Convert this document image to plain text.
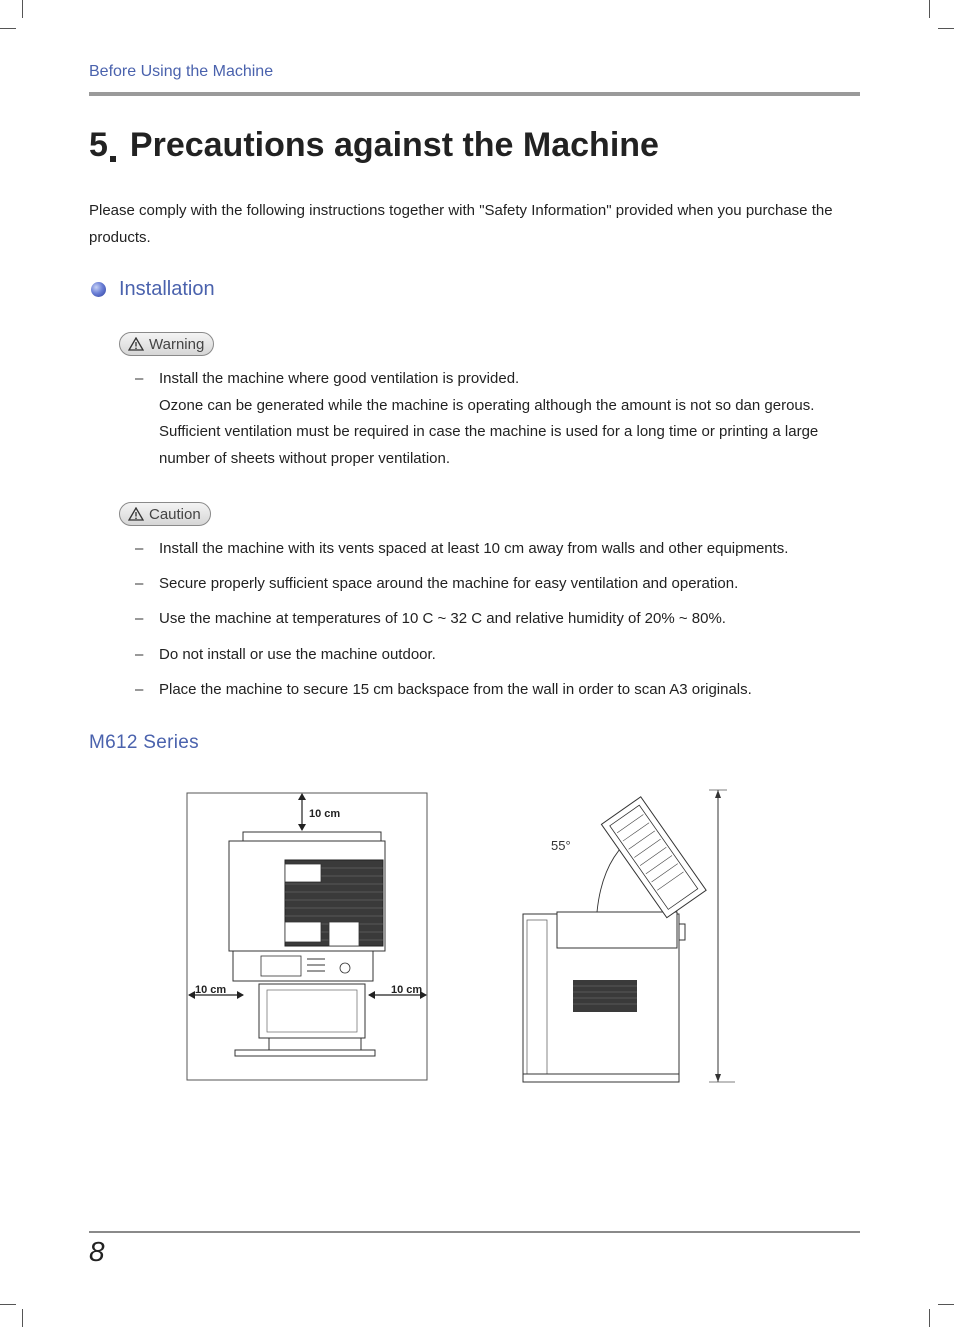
Before Using the Machine
5 Precautions against the Machine
Please comply with the following instructions together with "Safety Information" provided when you purchase the products.
Installation
Warning
– Install the machine where good ventilation is provided.
Ozone can be generated while the machine is operating although the amount is not so dan gerous.
Sufficient ventilation must be required in case the machine is used for a long time or printing a large
number of sheets without proper ventilation.
Caution
– Install the machine with its vents spaced at least 10 cm away from walls and other equipments.
– Secure properly sufficient space around the machine for easy ventilation and operation.
– Use the machine at temperatures of 10 C ~ 32 C and relative humidity of 20% ~ 80%.
– Do not install or use the machine outdoor.
– Place the machine to secure 15 cm backspace from the wall in order to scan A3 originals.
M612 Series
10 cm
10 cm	10 cm
55°
8
